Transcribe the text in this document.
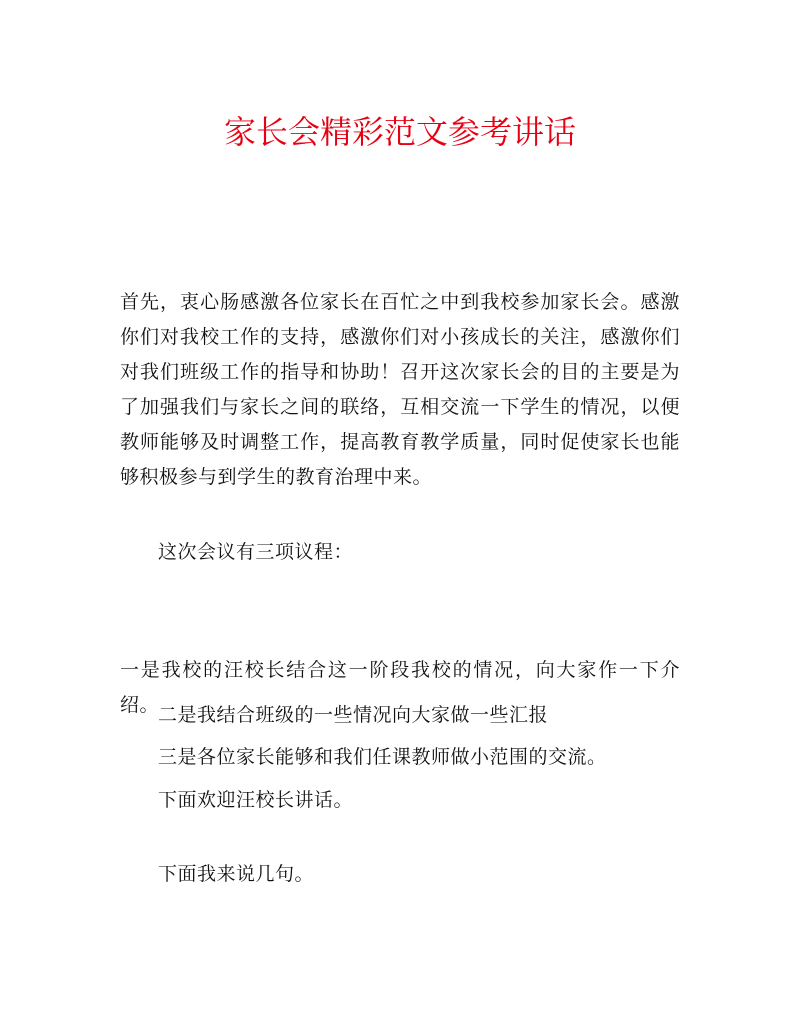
家长会精彩范文参考讲话

首先，衷心肠感激各位家长在百忙之中到我校参加家长会。感激你们对我校工作的支持，感激你们对小孩成长的关注，感激你们对我们班级工作的指导和协助！召开这次家长会的目的主要是为了加强我们与家长之间的联络，互相交流一下学生的情况，以便教师能够及时调整工作，提高教育教学质量，同时促使家长也能够积极参与到学生的教育治理中来。

这次会议有三项议程：

一是我校的汪校长结合这一阶段我校的情况，向大家作一下介绍。

二是我结合班级的一些情况向大家做一些汇报

三是各位家长能够和我们任课教师做小范围的交流。

下面欢迎汪校长讲话。

下面我来说几句。
